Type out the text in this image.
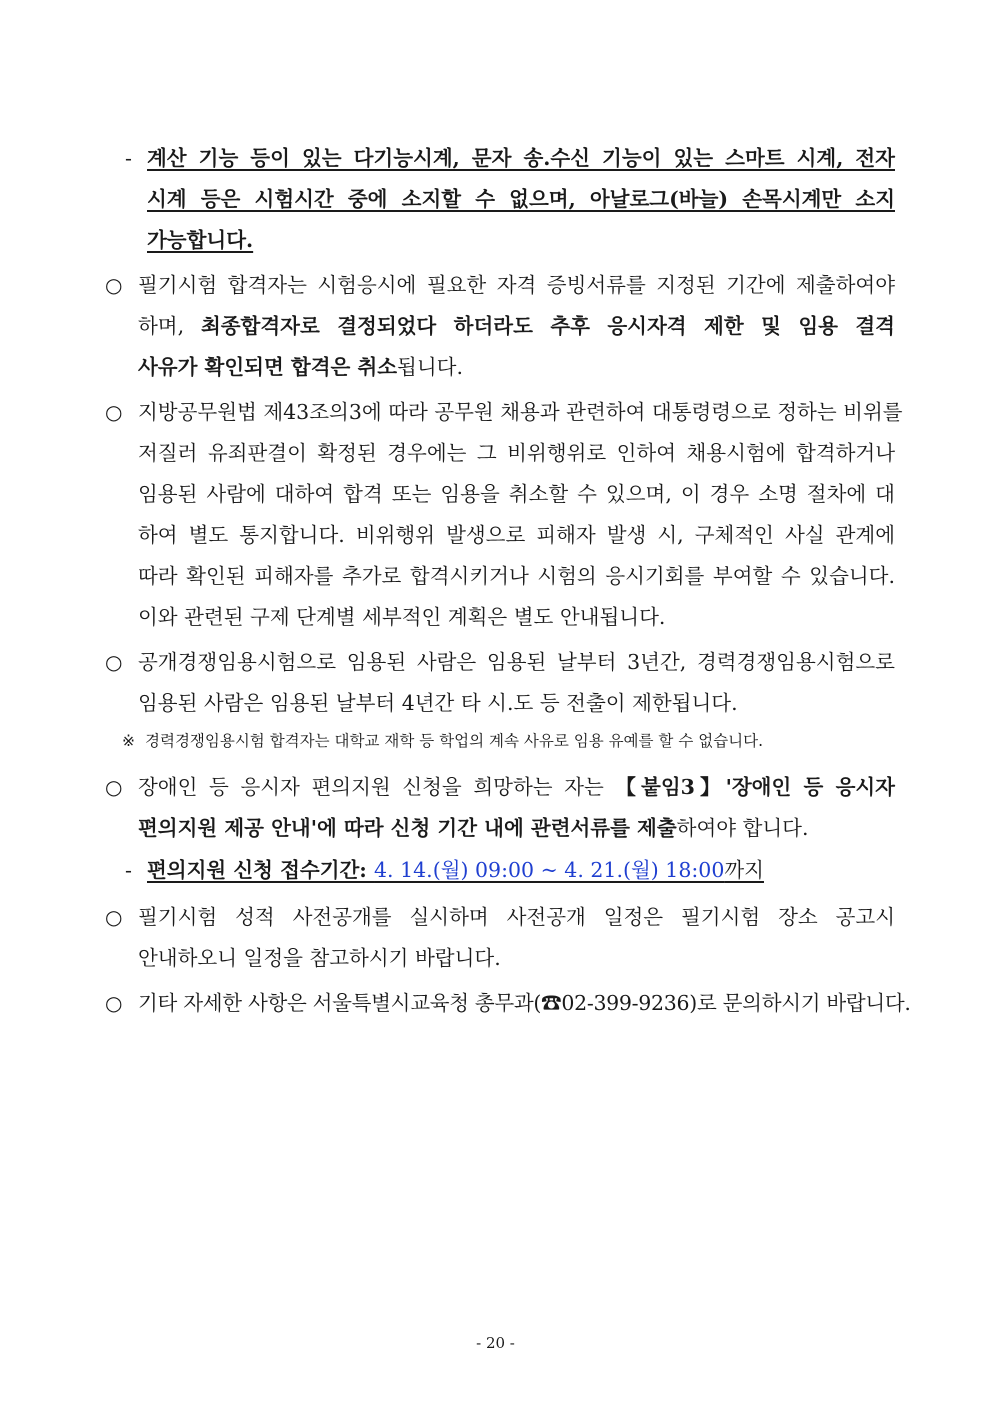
- 계산 기능 등이 있는 다기능시계, 문자 송.수신 기능이 있는 스마트 시계, 전자
시계 등은 시험시간 중에 소지할 수 없으며, 아날로그(바늘) 손목시계만 소지
가능합니다.
○ 필기시험 합격자는 시험응시에 필요한 자격 증빙서류를 지정된 기간에 제출하여야
하며, 최종합격자로 결정되었다 하더라도 추후 응시자격 제한 및 임용 결격
사유가 확인되면 합격은 취소됩니다.
○ 지방공무원법 제43조의3에 따라 공무원 채용과 관련하여 대통령령으로 정하는 비위를
저질러 유죄판결이 확정된 경우에는 그 비위행위로 인하여 채용시험에 합격하거나
임용된 사람에 대하여 합격 또는 임용을 취소할 수 있으며, 이 경우 소명 절차에 대
하여 별도 통지합니다. 비위행위 발생으로 피해자 발생 시, 구체적인 사실 관계에
따라 확인된 피해자를 추가로 합격시키거나 시험의 응시기회를 부여할 수 있습니다.
이와 관련된 구제 단계별 세부적인 계획은 별도 안내됩니다.
○ 공개경쟁임용시험으로 임용된 사람은 임용된 날부터 3년간, 경력경쟁임용시험으로
임용된 사람은 임용된 날부터 4년간 타 시.도 등 전출이 제한됩니다.
※ 경력경쟁임용시험 합격자는 대학교 재학 등 학업의 계속 사유로 임용 유예를 할 수 없습니다.
○ 장애인 등 응시자 편의지원 신청을 희망하는 자는 【붙임3】'장애인 등 응시자
편의지원 제공 안내'에 따라 신청 기간 내에 관련서류를 제출하여야 합니다.
- 편의지원 신청 접수기간: 4. 14.(월) 09:00 ~ 4. 21.(월) 18:00까지
○ 필기시험 성적 사전공개를 실시하며 사전공개 일정은 필기시험 장소 공고시
안내하오니 일정을 참고하시기 바랍니다.
○ 기타 자세한 사항은 서울특별시교육청 총무과(☎02-399-9236)로 문의하시기 바랍니다.
- 20 -
